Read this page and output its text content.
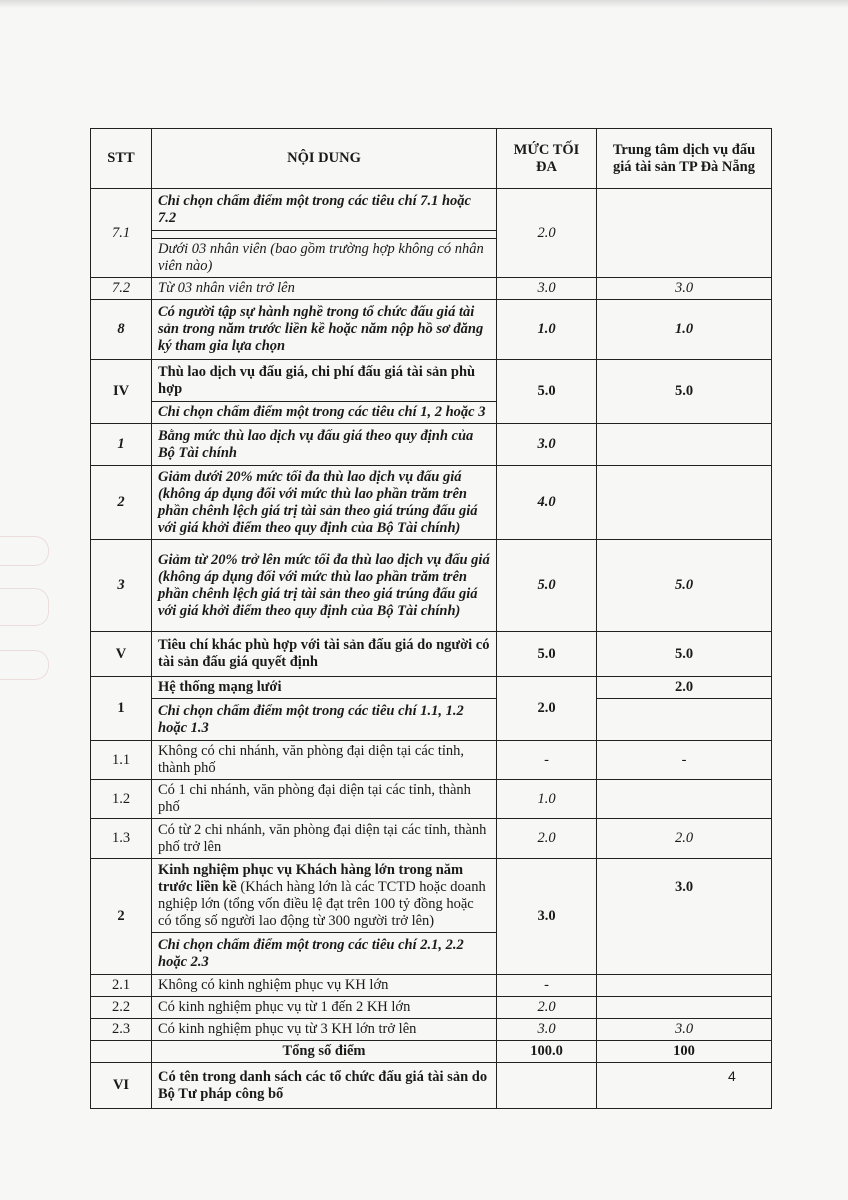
STT	NỘI DUNG	MỨC TỐI ĐA	Trung tâm dịch vụ đấu giá tài sản TP Đà Nẵng
7.1	Chỉ chọn chấm điểm một trong các tiêu chí 7.1 hoặc 7.2	2.0	

	Dưới 03 nhân viên (bao gồm trường hợp không có nhân viên nào)		
7.2	Từ 03 nhân viên trở lên	3.0	3.0
8	Có người tập sự hành nghề trong tổ chức đấu giá tài sản trong năm trước liền kề hoặc năm nộp hồ sơ đăng ký tham gia lựa chọn	1.0	1.0
IV	Thù lao dịch vụ đấu giá, chi phí đấu giá tài sản phù hợp	5.0	5.0
	Chỉ chọn chấm điểm một trong các tiêu chí 1, 2 hoặc 3		
1	Bằng mức thù lao dịch vụ đấu giá theo quy định của Bộ Tài chính	3.0	
2	Giảm dưới 20% mức tối đa thù lao dịch vụ đấu giá (không áp dụng đối với mức thù lao phần trăm trên phần chênh lệch giá trị tài sản theo giá trúng đấu giá với giá khởi điểm theo quy định của Bộ Tài chính)	4.0	
3	Giảm từ 20% trở lên mức tối đa thù lao dịch vụ đấu giá (không áp dụng đối với mức thù lao phần trăm trên phần chênh lệch giá trị tài sản theo giá trúng đấu giá với giá khởi điểm theo quy định của Bộ Tài chính)	5.0	5.0
V	Tiêu chí khác phù hợp với tài sản đấu giá do người có tài sản đấu giá quyết định	5.0	5.0
1	Hệ thống mạng lưới	2.0	2.0
	Chỉ chọn chấm điểm một trong các tiêu chí 1.1, 1.2 hoặc 1.3		
1.1	Không có chi nhánh, văn phòng đại diện tại các tỉnh, thành phố	-	-
1.2	Có 1 chi nhánh, văn phòng đại diện tại các tỉnh, thành phố	1.0	
1.3	Có từ 2 chi nhánh, văn phòng đại diện tại các tỉnh, thành phố trở lên	2.0	2.0
2	Kinh nghiệm phục vụ Khách hàng lớn trong năm trước liền kề (Khách hàng lớn là các TCTD hoặc doanh nghiệp lớn (tổng vốn điều lệ đạt trên 100 tỷ đồng hoặc có tổng số người lao động từ 300 người trở lên)	3.0	3.0
	Chỉ chọn chấm điểm một trong các tiêu chí 2.1, 2.2 hoặc 2.3		
2.1	Không có kinh nghiệm phục vụ KH lớn	-	
2.2	Có kinh nghiệm phục vụ từ 1 đến 2 KH lớn	2.0	
2.3	Có kinh nghiệm phục vụ từ 3 KH lớn trở lên	3.0	3.0
	Tổng số điểm	100.0	100
VI	Có tên trong danh sách các tổ chức đấu giá tài sản do Bộ Tư pháp công bố		
4
